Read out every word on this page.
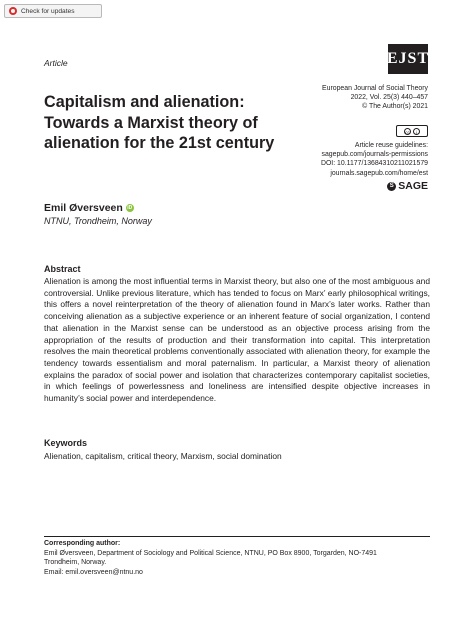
Check for updates
Article
Capitalism and alienation: Towards a Marxist theory of alienation for the 21st century
EJST
European Journal of Social Theory
2022, Vol. 25(3) 440–457
© The Author(s) 2021
cc	i
Article reuse guidelines:
sagepub.com/journals-permissions
DOI: 10.1177/13684310211021579
journals.sagepub.com/home/est
S SAGE
Emil Øversveen iD
NTNU, Trondheim, Norway
Abstract
Alienation is among the most influential terms in Marxist theory, but also one of the most ambiguous and controversial. Unlike previous literature, which has tended to focus on Marx’ early philosophical writings, this offers a novel reinterpretation of the theory of alienation found in Marx’s later works. Rather than conceiving alienation as a subjective experience or an inherent feature of social organization, I contend that alienation in the Marxist sense can be understood as an objective process arising from the appropriation of the results of production and their transformation into capital. This interpretation resolves the main theoretical problems conventionally associated with alienation theory, for example the tendency towards essentialism and moral paternalism. In particular, a Marxist theory of alienation explains the paradox of social power and isolation that characterizes contemporary capitalist societies, in which feelings of powerlessness and loneliness are intensified despite objective increases in humanity’s social power and interdependence.
Keywords
Alienation, capitalism, critical theory, Marxism, social domination
Corresponding author:
Emil Øversveen, Department of Sociology and Political Science, NTNU, PO Box 8900, Torgarden, NO-7491
Trondheim, Norway.
Email: emil.oversveen@ntnu.no
